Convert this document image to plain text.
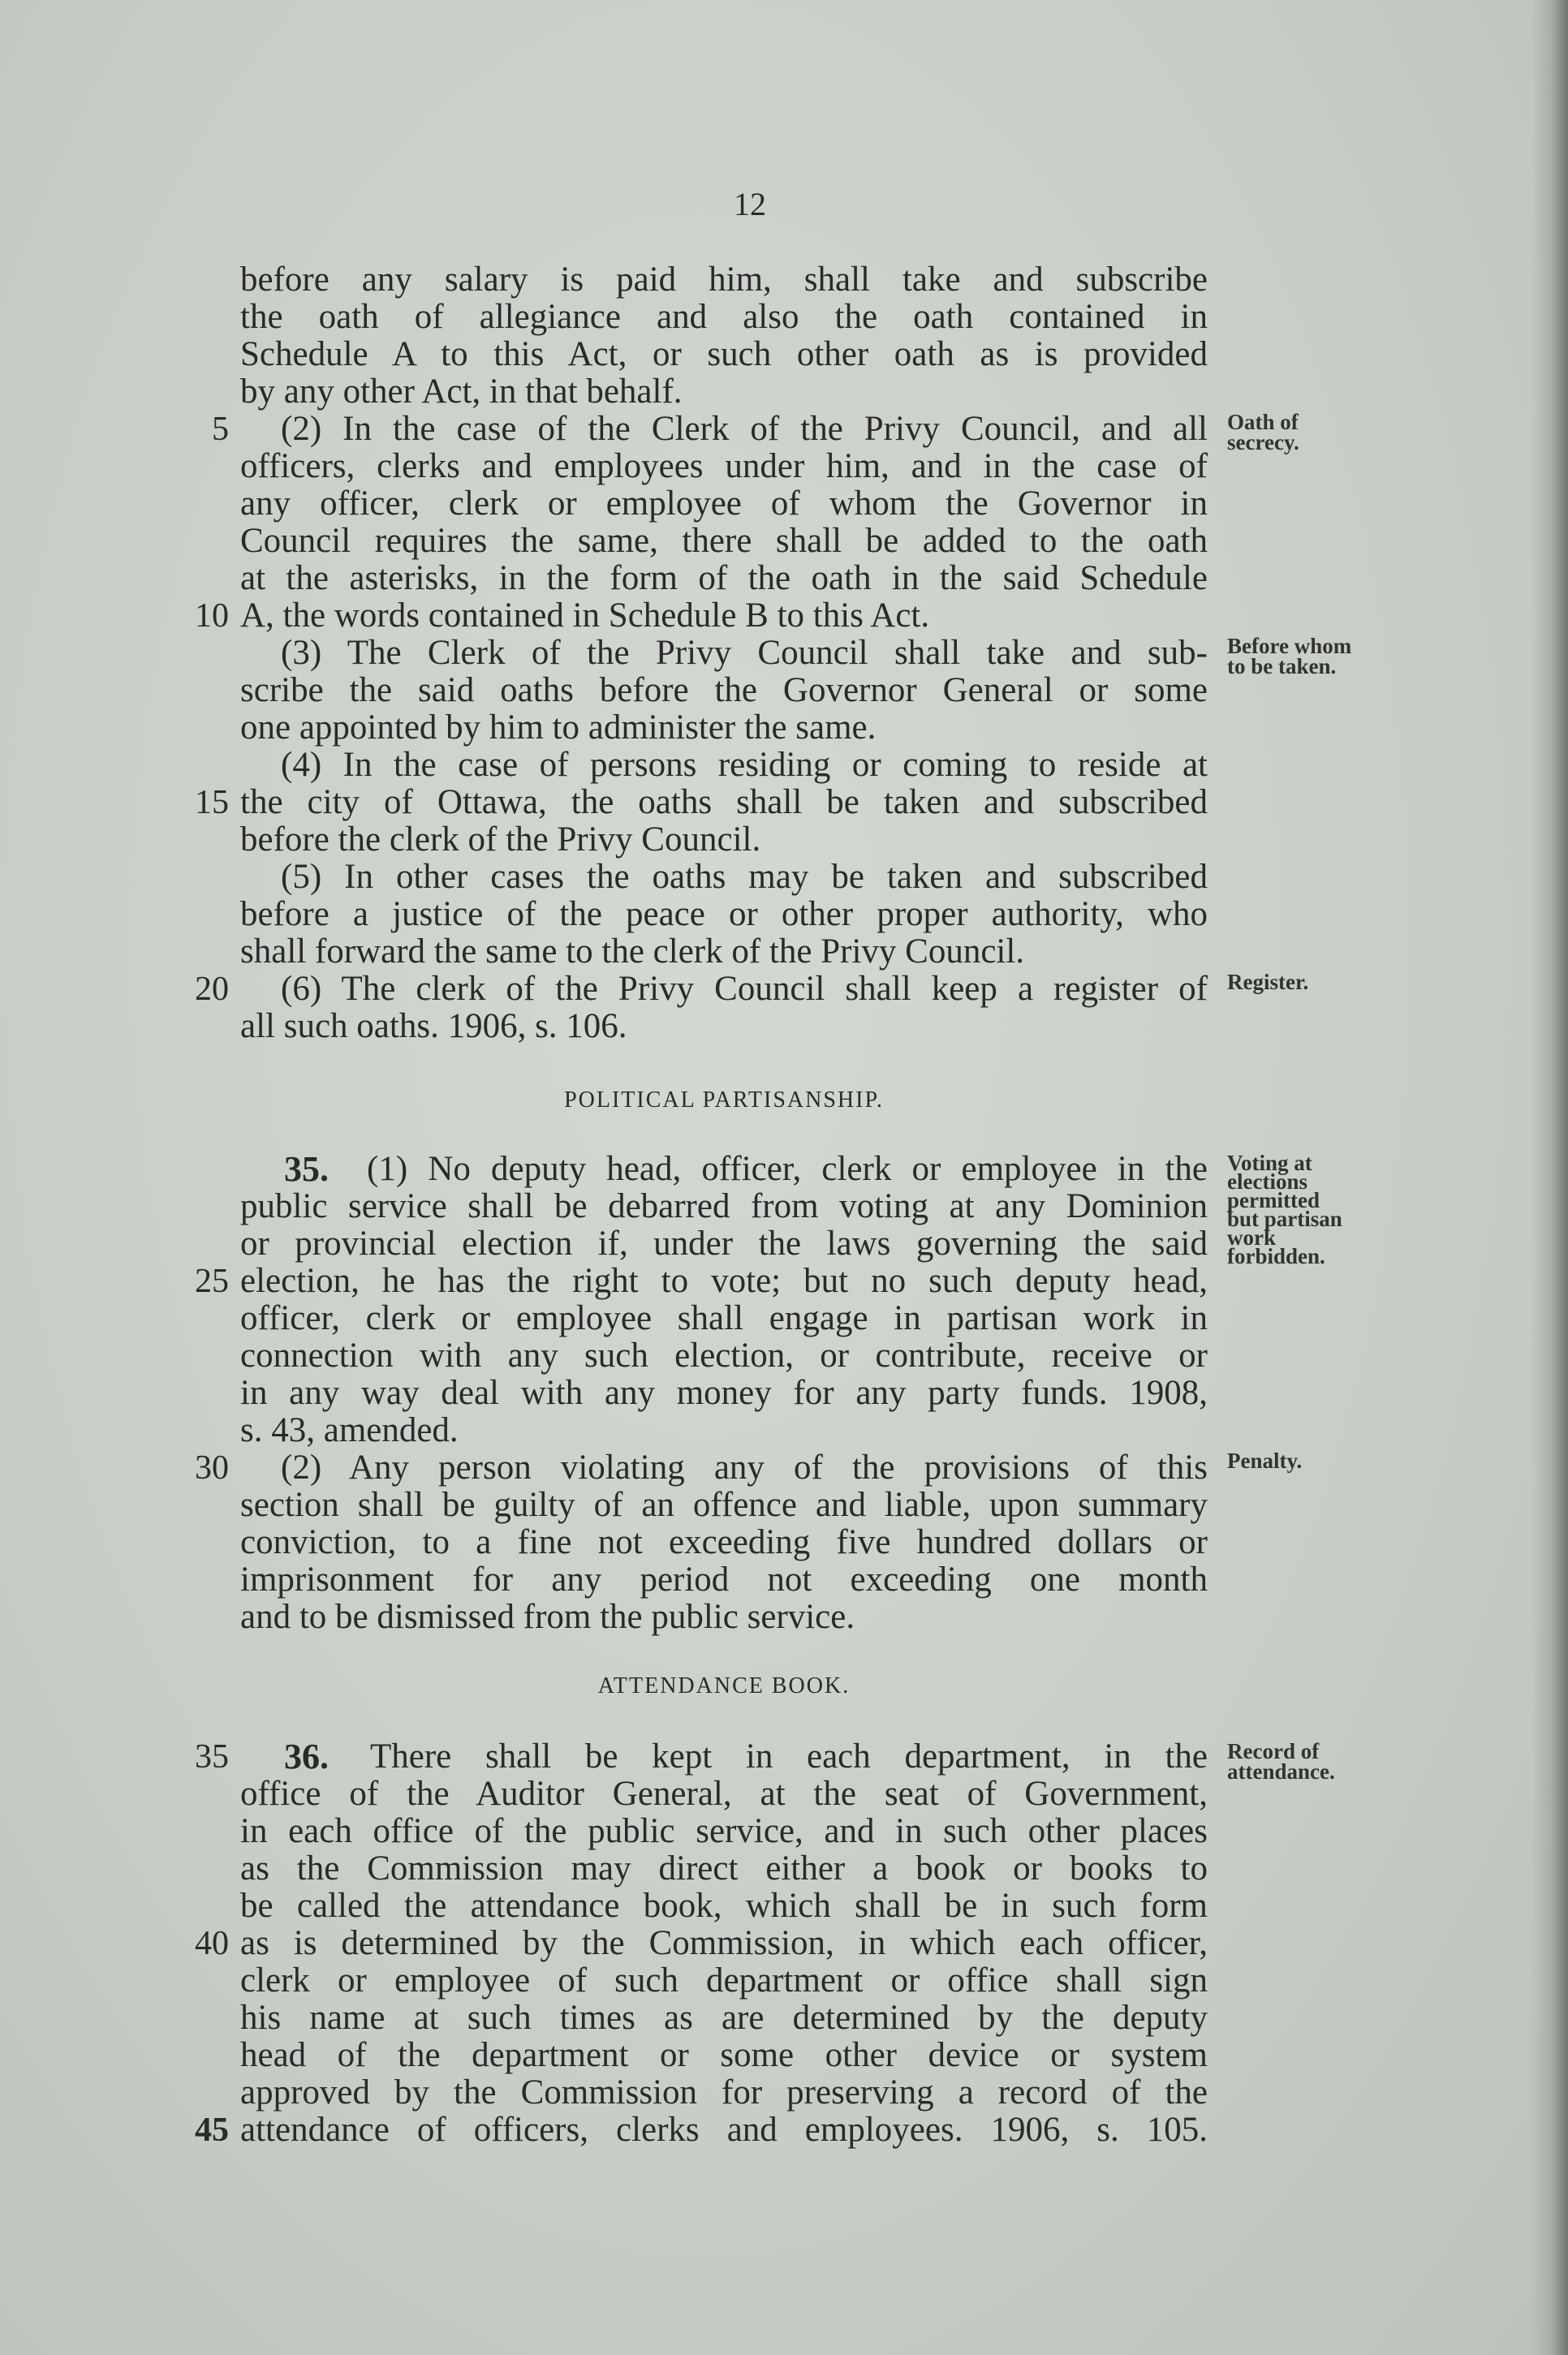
12
before any salary is paid him, shall take and subscribe
the oath of allegiance and also the oath contained in
Schedule A to this Act, or such other oath as is provided
by any other Act, in that behalf.
(2) In the case of the Clerk of the Privy Council, and all
officers, clerks and employees under him, and in the case of
any officer, clerk or employee of whom the Governor in
Council requires the same, there shall be added to the oath
at the asterisks, in the form of the oath in the said Schedule
A, the words contained in Schedule B to this Act.
(3) The Clerk of the Privy Council shall take and sub-
scribe the said oaths before the Governor General or some
one appointed by him to administer the same.
(4) In the case of persons residing or coming to reside at
the city of Ottawa, the oaths shall be taken and subscribed
before the clerk of the Privy Council.
(5) In other cases the oaths may be taken and subscribed
before a justice of the peace or other proper authority, who
shall forward the same to the clerk of the Privy Council.
(6) The clerk of the Privy Council shall keep a register of
all such oaths. 1906, s. 106.
POLITICAL PARTISANSHIP.
35. (1) No deputy head, officer, clerk or employee in the
public service shall be debarred from voting at any Dominion
or provincial election if, under the laws governing the said
election, he has the right to vote; but no such deputy head,
officer, clerk or employee shall engage in partisan work in
connection with any such election, or contribute, receive or
in any way deal with any money for any party funds. 1908,
s. 43, amended.
(2) Any person violating any of the provisions of this
section shall be guilty of an offence and liable, upon summary
conviction, to a fine not exceeding five hundred dollars or
imprisonment for any period not exceeding one month
and to be dismissed from the public service.
ATTENDANCE BOOK.
36. There shall be kept in each department, in the
office of the Auditor General, at the seat of Government,
in each office of the public service, and in such other places
as the Commission may direct either a book or books to
be called the attendance book, which shall be in such form
as is determined by the Commission, in which each officer,
clerk or employee of such department or office shall sign
his name at such times as are determined by the deputy
head of the department or some other device or system
approved by the Commission for preserving a record of the
attendance of officers, clerks and employees. 1906, s. 105.
5
10
15
20
25
30
35
40
45
Oath of
secrecy.
Before whom
to be taken.
Register.
Voting at
elections
permitted
but partisan
work
forbidden.
Penalty.
Record of
attendance.
